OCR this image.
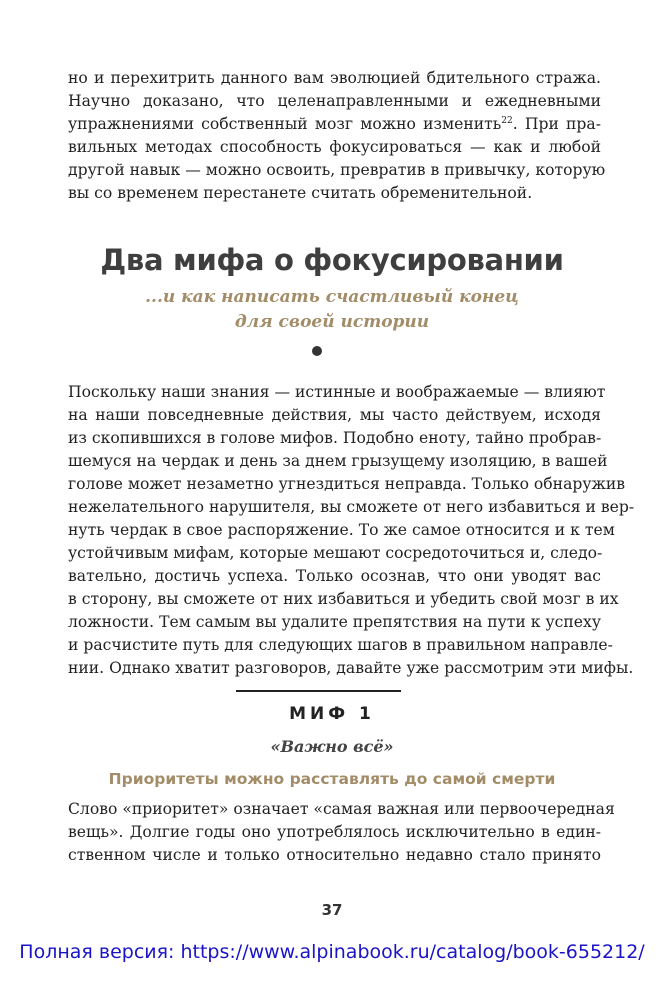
но и перехитрить данного вам эволюцией бдительного стража.
Научно доказано, что целенаправленными и ежедневными
упражнениями собственный мозг можно изменить$^{22}$. При пра-
вильных методах способность фокусироваться — как и любой
другой навык — можно освоить, превратив в привычку, которую
вы со временем перестанете считать обременительной.
Два мифа о фокусировании
...и как написать счастливый конец
для своей истории
Поскольку наши знания — истинные и воображаемые — влияют
на наши повседневные действия, мы часто действуем, исходя
из скопившихся в голове мифов. Подобно еноту, тайно пробрав-
шемуся на чердак и день за днем грызущему изоляцию, в вашей
голове может незаметно угнездиться неправда. Только обнаружив
нежелательного нарушителя, вы сможете от него избавиться и вер-
нуть чердак в свое распоряжение. То же самое относится и к тем
устойчивым мифам, которые мешают сосредоточиться и, следо-
вательно, достичь успеха. Только осознав, что они уводят вас
в сторону, вы сможете от них избавиться и убедить свой мозг в их
ложности. Тем самым вы удалите препятствия на пути к успеху
и расчистите путь для следующих шагов в правильном направле-
нии. Однако хватит разговоров, давайте уже рассмотрим эти мифы.
МИФ 1
«Важно всё»
Приоритеты можно расставлять до самой смерти
Слово «приоритет» означает «самая важная или первоочередная
вещь». Долгие годы оно употреблялось исключительно в един-
ственном числе и только относительно недавно стало принято
37
Полная версия: https://www.alpinabook.ru/catalog/book-655212/
